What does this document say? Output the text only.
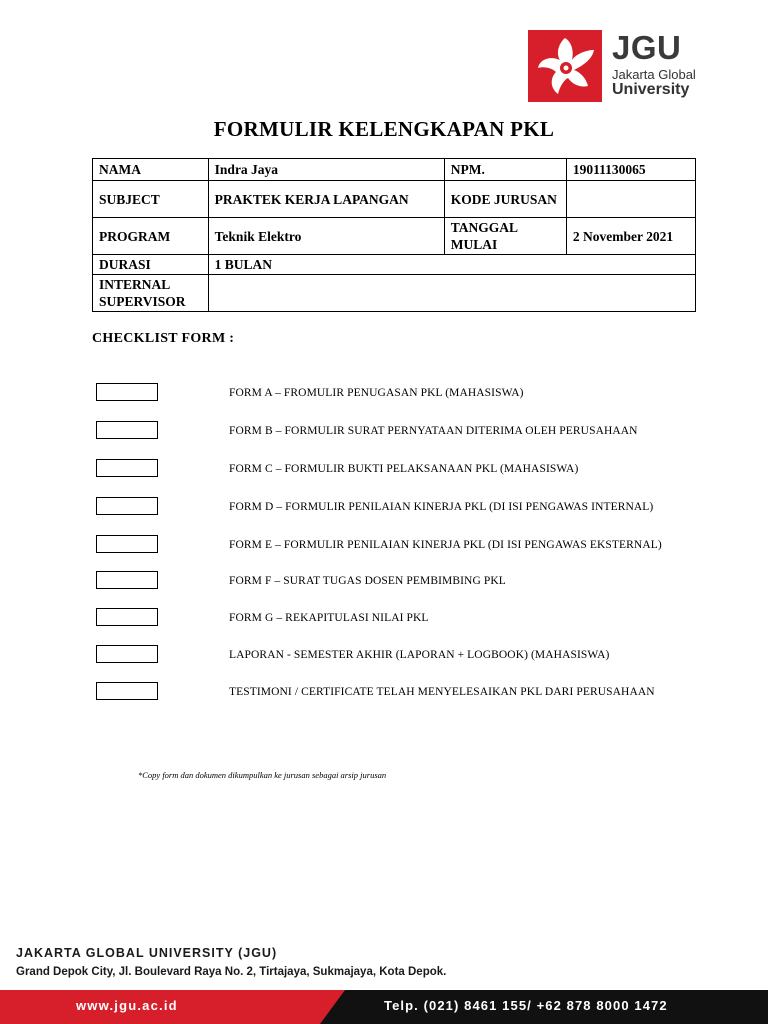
JGU
Jakarta Global
University
FORMULIR KELENGKAPAN PKL
NAMA	Indra Jaya	NPM.	19011130065
SUBJECT	PRAKTEK KERJA LAPANGAN	KODE JURUSAN	
PROGRAM	Teknik Elektro	TANGGAL MULAI	2 November 2021
DURASI	1 BULAN		
INTERNAL SUPERVISOR			
CHECKLIST FORM :
FORM A – FROMULIR PENUGASAN PKL (MAHASISWA)
FORM B – FORMULIR SURAT PERNYATAAN DITERIMA OLEH PERUSAHAAN
FORM C – FORMULIR BUKTI PELAKSANAAN PKL (MAHASISWA)
FORM D – FORMULIR PENILAIAN KINERJA PKL (DI ISI PENGAWAS INTERNAL)
FORM E – FORMULIR PENILAIAN KINERJA PKL (DI ISI PENGAWAS EKSTERNAL)
FORM F – SURAT TUGAS DOSEN PEMBIMBING PKL
FORM G – REKAPITULASI NILAI PKL
LAPORAN - SEMESTER AKHIR (LAPORAN + LOGBOOK) (MAHASISWA)
TESTIMONI / CERTIFICATE TELAH MENYELESAIKAN PKL DARI PERUSAHAAN
*Copy form dan dokumen dikumpulkan ke jurusan sebagai arsip jurusan
JAKARTA GLOBAL UNIVERSITY (JGU)
Grand Depok City, Jl. Boulevard Raya No. 2, Tirtajaya, Sukmajaya, Kota Depok.
www.jgu.ac.id	Telp. (021) 8461 155/ +62 878 8000 1472
